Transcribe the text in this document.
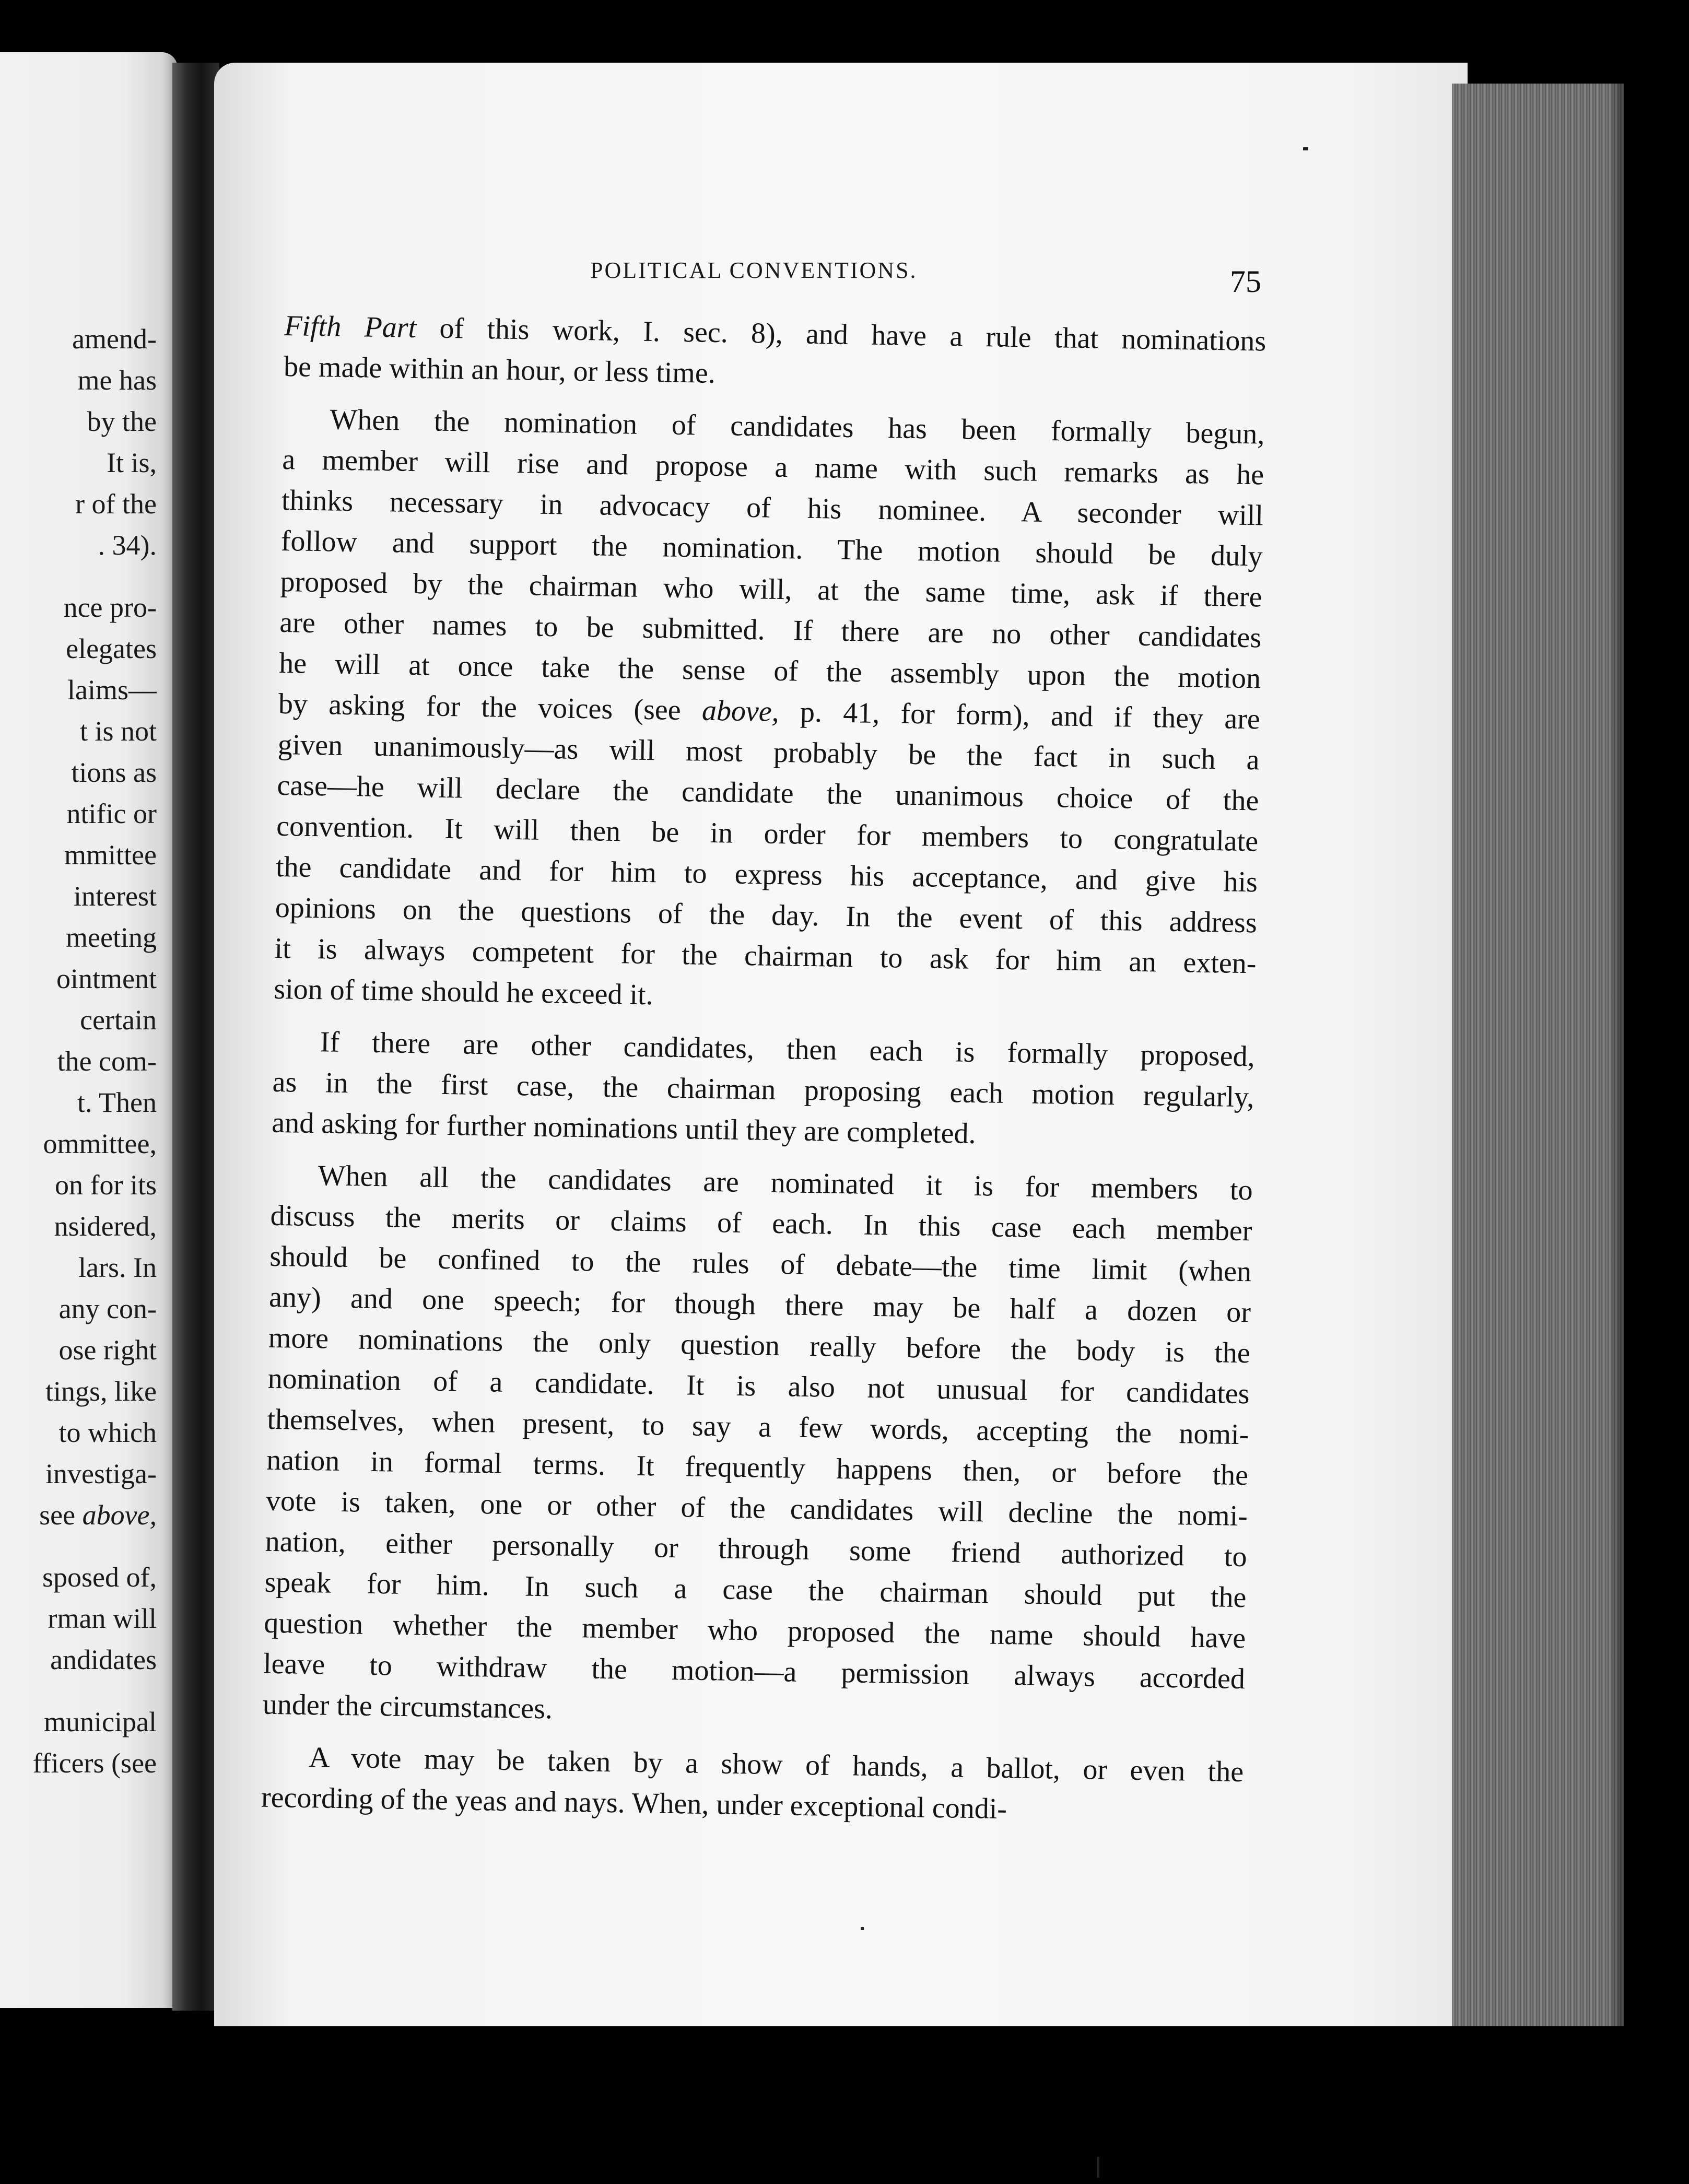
amend-
me has
by the
It is,
r of the
. 34).
nce pro-
elegates
laims—
t is not
tions as
ntific or
mmittee
interest
meeting
ointment
certain
the com-
t. Then
ommittee,
on for its
nsidered,
lars. In
any con-
ose right
tings, like
to which
investiga-
see above,
sposed of,
rman will
andidates
municipal
fficers (see
POLITICAL CONVENTIONS.	75
Fifth Part of this work, I. sec. 8), and have a rule that nominations
be made within an hour, or less time.
When the nomination of candidates has been formally begun,
a member will rise and propose a name with such remarks as he
thinks necessary in advocacy of his nominee. A seconder will
follow and support the nomination. The motion should be duly
proposed by the chairman who will, at the same time, ask if there
are other names to be submitted. If there are no other candidates
he will at once take the sense of the assembly upon the motion
by asking for the voices (see above, p. 41, for form), and if they are
given unanimously—as will most probably be the fact in such a
case—he will declare the candidate the unanimous choice of the
convention. It will then be in order for members to congratulate
the candidate and for him to express his acceptance, and give his
opinions on the questions of the day. In the event of this address
it is always competent for the chairman to ask for him an exten-
sion of time should he exceed it.
If there are other candidates, then each is formally proposed,
as in the first case, the chairman proposing each motion regularly,
and asking for further nominations until they are completed.
When all the candidates are nominated it is for members to
discuss the merits or claims of each. In this case each member
should be confined to the rules of debate—the time limit (when
any) and one speech; for though there may be half a dozen or
more nominations the only question really before the body is the
nomination of a candidate. It is also not unusual for candidates
themselves, when present, to say a few words, accepting the nomi-
nation in formal terms. It frequently happens then, or before the
vote is taken, one or other of the candidates will decline the nomi-
nation, either personally or through some friend authorized to
speak for him. In such a case the chairman should put the
question whether the member who proposed the name should have
leave to withdraw the motion—a permission always accorded
under the circumstances.
A vote may be taken by a show of hands, a ballot, or even the
recording of the yeas and nays. When, under exceptional condi-
